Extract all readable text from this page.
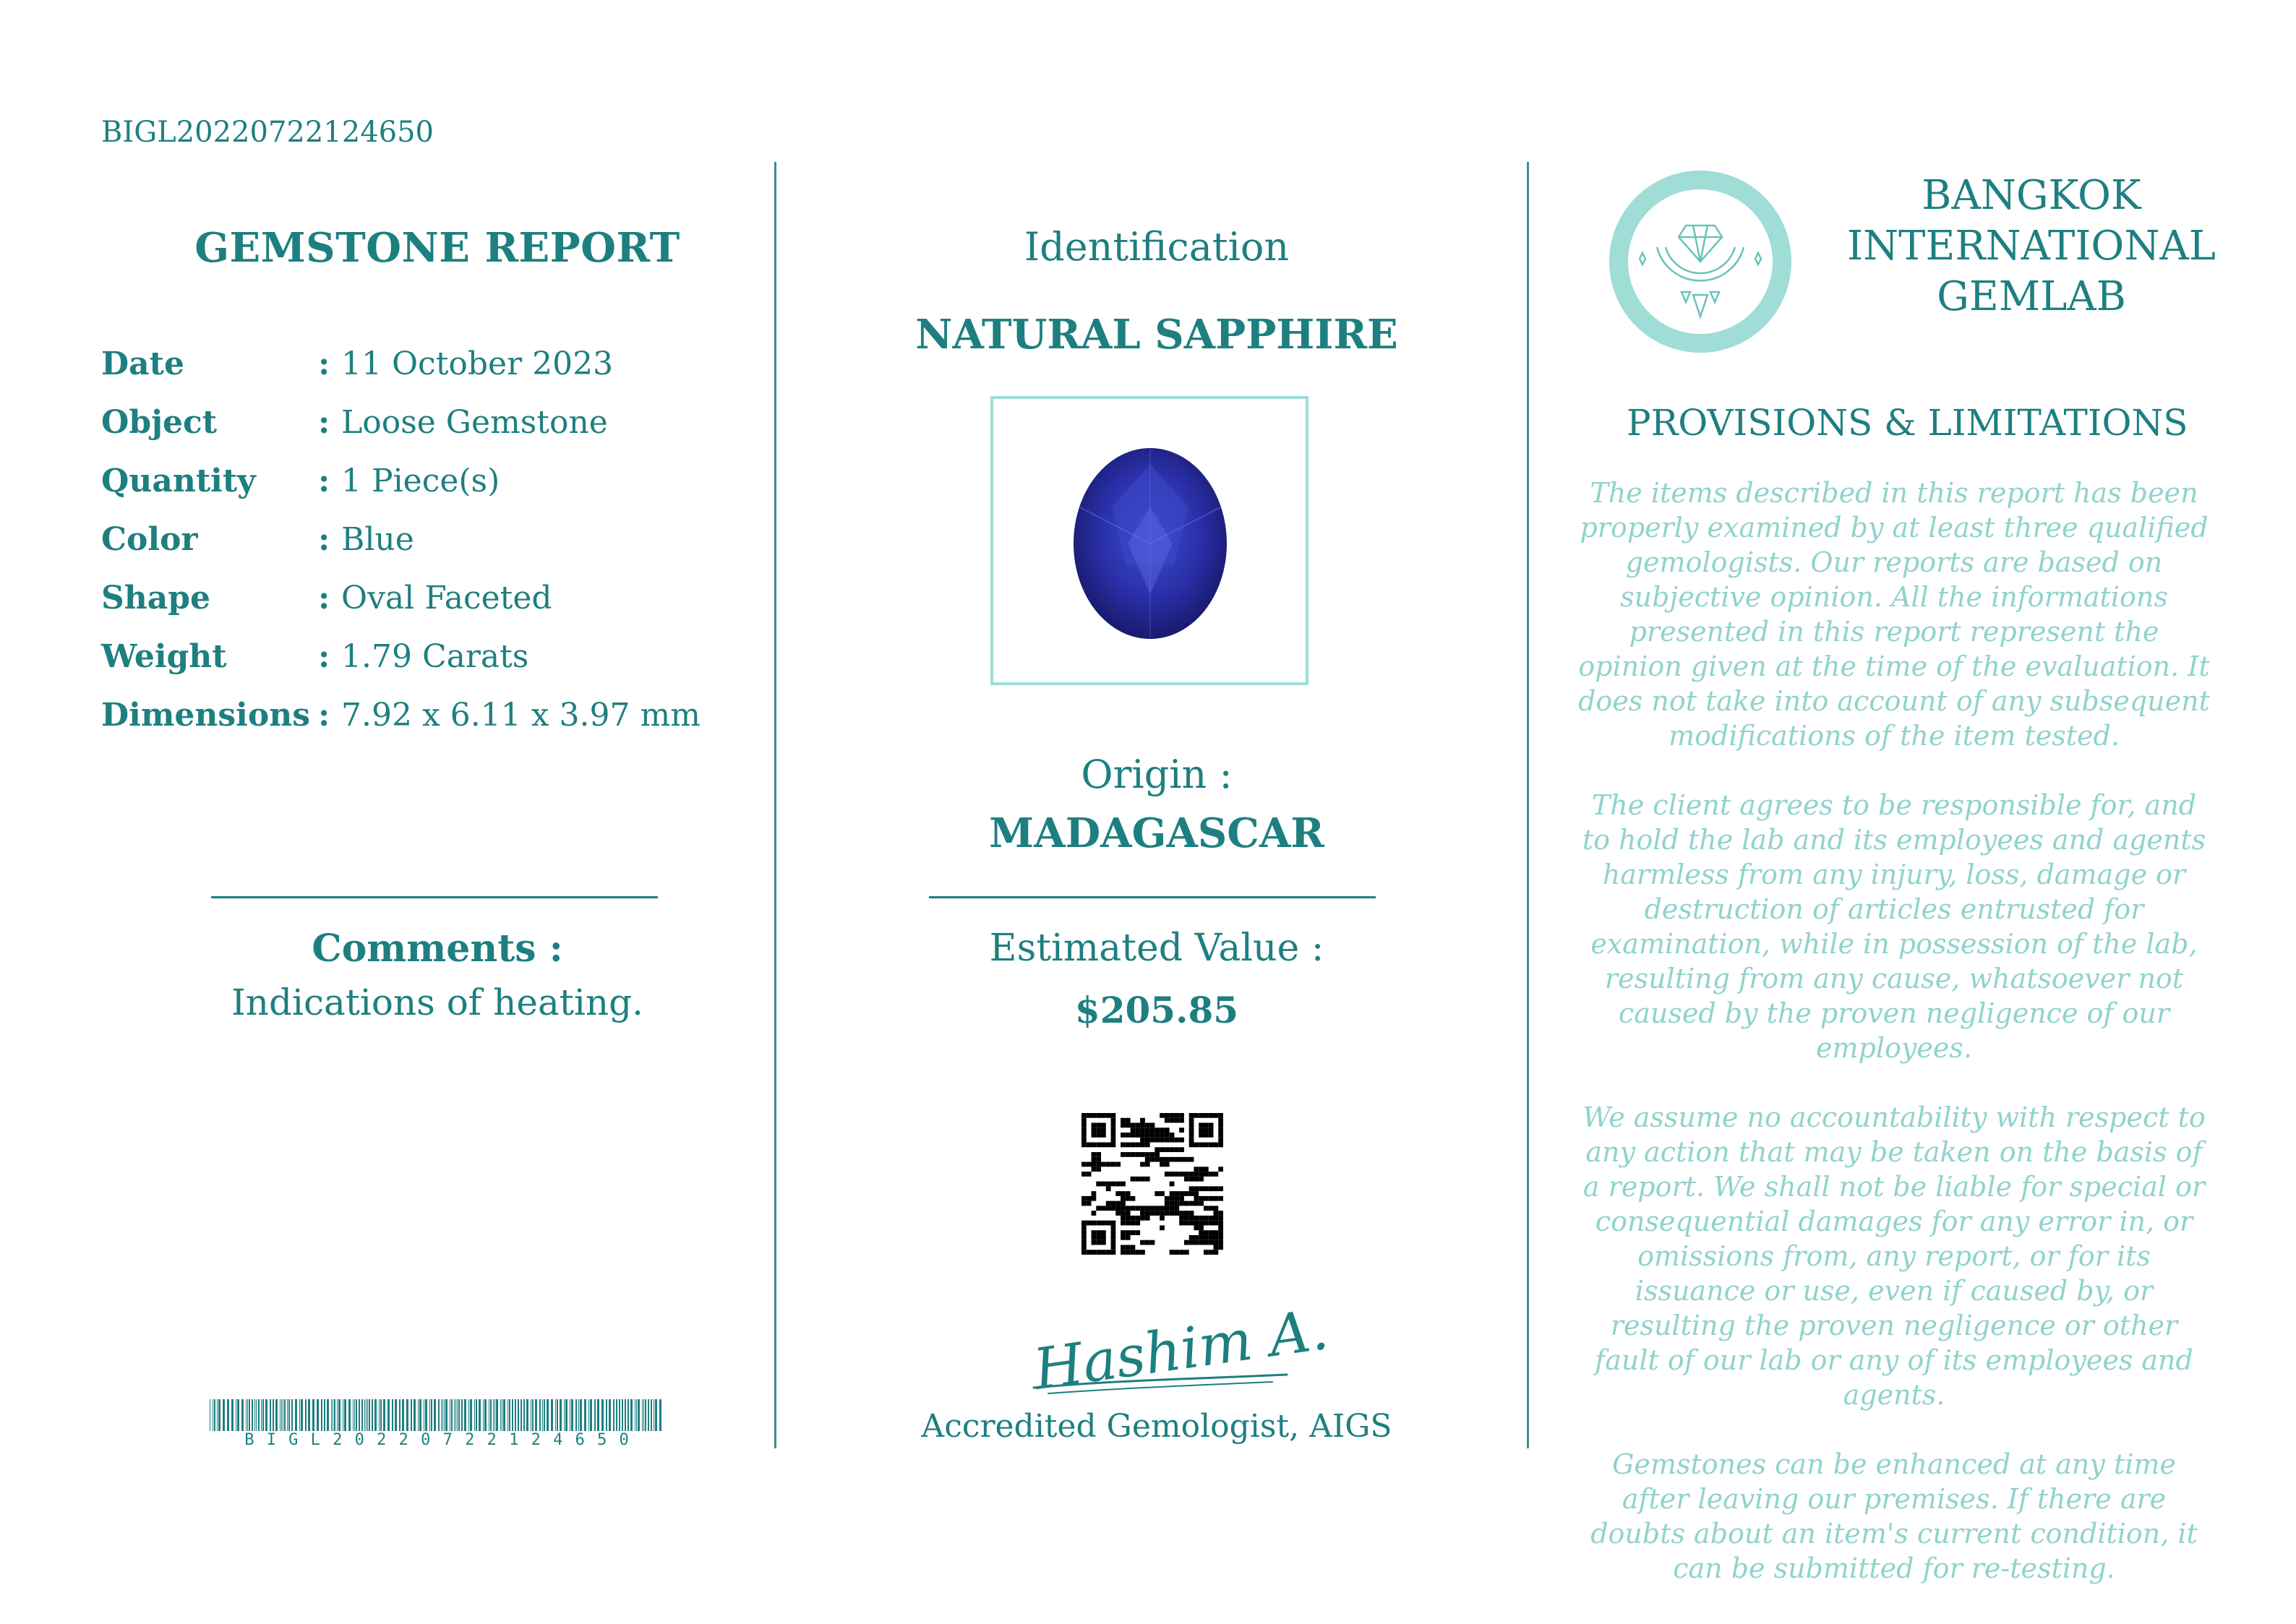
BIGL20220722124650
GEMSTONE REPORT
Date	: 11 October 2023
Object	: Loose Gemstone
Quantity : 1 Piece(s)
Color	: Blue
Shape	: Oval Faceted
Weight	: 1.79 Carats
Dimensions : 7.92 x 6.11 x 3.97 mm
Comments :
Indications of heating.
B I G L 2 0 2 2 0 7 2 2 1 2 4 6 5 0
Identification
NATURAL SAPPHIRE
Origin :
MADAGASCAR
Estimated Value :
$205.85
Hashim A.
Accredited Gemologist, AIGS
BANGKOK
INTERNATIONAL
GEMLAB
PROVISIONS & LIMITATIONS

The items described in this report has been properly examined by at least three qualified gemologists. Our reports are based on subjective opinion. All the informations presented in this report represent the opinion given at the time of the evaluation. It does not take into account of any subsequent modifications of the item tested.

The client agrees to be responsible for, and to hold the lab and its employees and agents harmless from any injury, loss, damage or destruction of articles entrusted for examination, while in possession of the lab, resulting from any cause, whatsoever not caused by the proven negligence of our employees.

We assume no accountability with respect to any action that may be taken on the basis of a report. We shall not be liable for special or consequential damages for any error in, or omissions from, any report, or for its issuance or use, even if caused by, or resulting the proven negligence or other fault of our lab or any of its employees and agents.

Gemstones can be enhanced at any time after leaving our premises. If there are doubts about an item's current condition, it can be submitted for re-testing.
